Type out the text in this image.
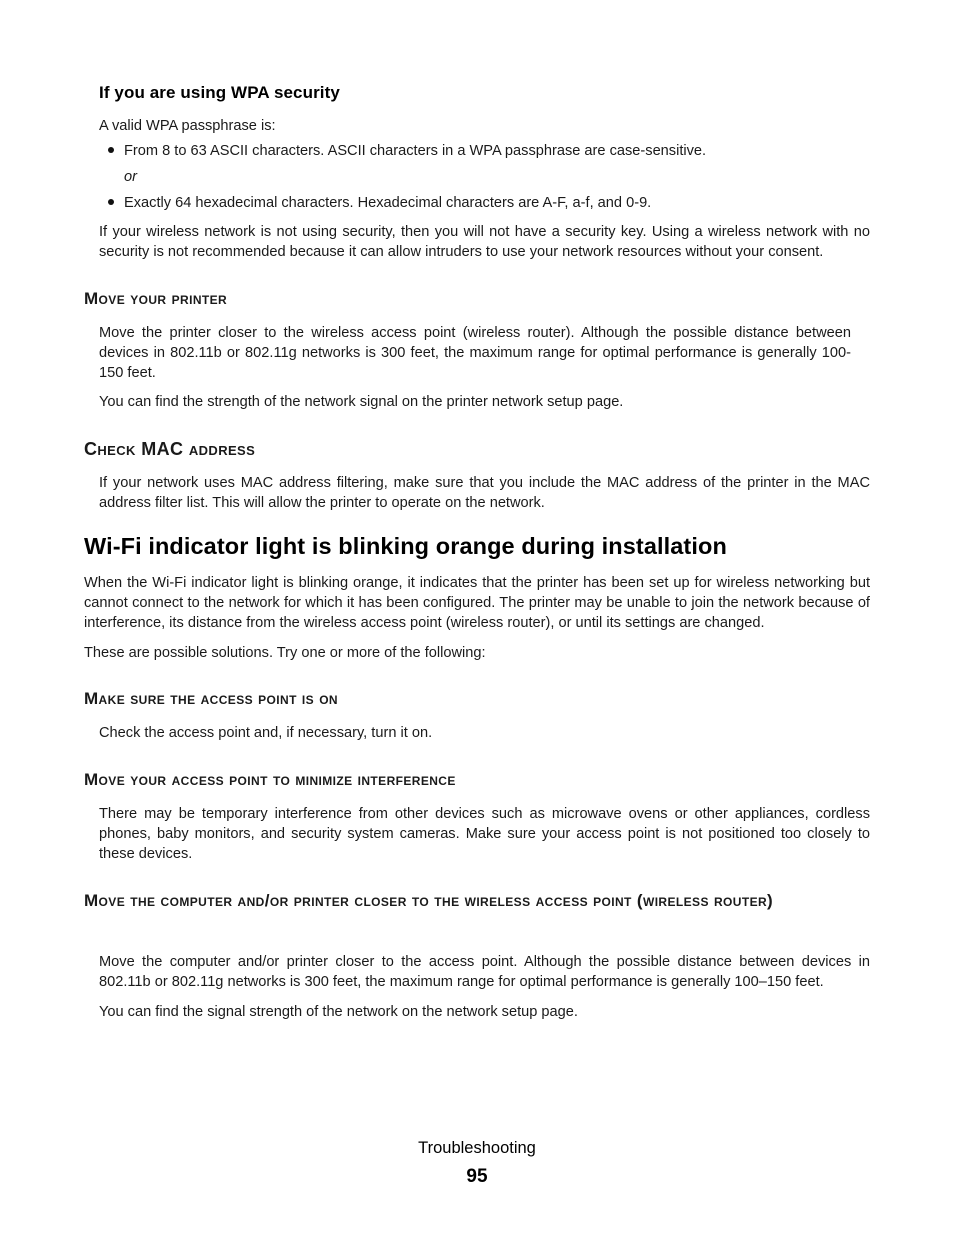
If you are using WPA security
A valid WPA passphrase is:
From 8 to 63 ASCII characters. ASCII characters in a WPA passphrase are case-sensitive.
or
Exactly 64 hexadecimal characters. Hexadecimal characters are A-F, a-f, and 0-9.
If your wireless network is not using security, then you will not have a security key. Using a wireless network with no security is not recommended because it can allow intruders to use your network resources without your consent.
Move your printer
Move the printer closer to the wireless access point (wireless router). Although the possible distance between devices in 802.11b or 802.11g networks is 300 feet, the maximum range for optimal performance is generally 100-150 feet.
You can find the strength of the network signal on the printer network setup page.
Check MAC address
If your network uses MAC address filtering, make sure that you include the MAC address of the printer in the MAC address filter list. This will allow the printer to operate on the network.
Wi-Fi indicator light is blinking orange during installation
When the Wi-Fi indicator light is blinking orange, it indicates that the printer has been set up for wireless networking but cannot connect to the network for which it has been configured. The printer may be unable to join the network because of interference, its distance from the wireless access point (wireless router), or until its settings are changed.
These are possible solutions. Try one or more of the following:
Make sure the access point is on
Check the access point and, if necessary, turn it on.
Move your access point to minimize interference
There may be temporary interference from other devices such as microwave ovens or other appliances, cordless phones, baby monitors, and security system cameras. Make sure your access point is not positioned too closely to these devices.
Move the computer and/or printer closer to the wireless access point (wireless router)
Move the computer and/or printer closer to the access point. Although the possible distance between devices in 802.11b or 802.11g networks is 300 feet, the maximum range for optimal performance is generally 100–150 feet.
You can find the signal strength of the network on the network setup page.
Troubleshooting
95
